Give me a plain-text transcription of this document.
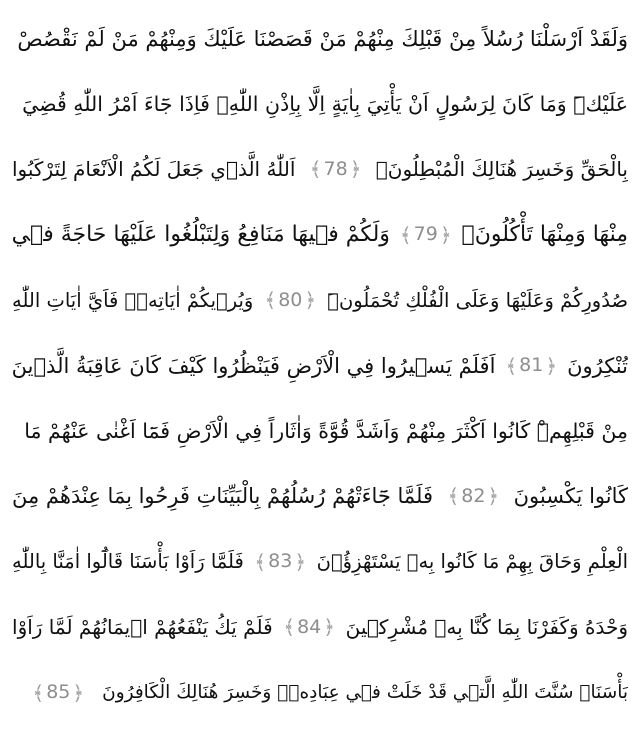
وَلَقَدْ اَرْسَلْنَا رُسُلاً مِنْ قَبْلِكَ مِنْهُمْ مَنْ قَصَصْنَا عَلَيْكَ وَمِنْهُمْ مَنْ لَمْ نَقْصُصْ
عَلَيْكَۜ وَمَا كَانَ لِرَسُولٍ اَنْ يَأْتِيَ بِاٰيَةٍ اِلَّا بِاِذْنِ اللّٰهِۚ فَاِذَا جَٓاءَ اَمْرُ اللّٰهِ قُضِيَ
بِالْحَقِّ وَخَسِرَ هُنَالِكَ الْمُبْطِلُونَ۟
﴾ 78 ﴿
اَللّٰهُ الَّذ۪ي جَعَلَ لَكُمُ الْاَنْعَامَ لِتَرْكَبُوا
مِنْهَا وَمِنْهَا تَأْكُلُونَۚ
﴾ 79 ﴿
وَلَكُمْ ف۪يهَا مَنَافِعُ وَلِتَبْلُغُوا عَلَيْهَا حَاجَةً ف۪ي
صُدُورِكُمْ وَعَلَيْهَا وَعَلَى الْفُلْكِ تُحْمَلُونَۜ
﴾ 80 ﴿
وَيُر۪يكُمْ اٰيَاتِه۪ۗ فَاَيَّ اٰيَاتِ اللّٰهِ
تُنْكِرُونَ
﴾ 81 ﴿
اَفَلَمْ يَس۪يرُوا فِي الْاَرْضِ فَيَنْظُرُوا كَيْفَ كَانَ عَاقِبَةُ الَّذ۪ينَ
مِنْ قَبْلِهِمْۜ كَانُوا اَكْثَرَ مِنْهُمْ وَاَشَدَّ قُوَّةً وَاٰثَاراً فِي الْاَرْضِ فَمَٓا اَغْنٰى عَنْهُمْ مَا
كَانُوا يَكْسِبُونَ
﴾ 82 ﴿
فَلَمَّا جَٓاءَتْهُمْ رُسُلُهُمْ بِالْبَيِّنَاتِ فَرِحُوا بِمَا عِنْدَهُمْ مِنَ
الْعِلْمِ وَحَاقَ بِهِمْ مَا كَانُوا بِه۪ يَسْتَهْزِؤُ۫نَ
﴾ 83 ﴿
فَلَمَّا رَاَوْا بَأْسَنَا قَالُٓوا اٰمَنَّا بِاللّٰهِ
وَحْدَهُ وَكَفَرْنَا بِمَا كُنَّا بِه۪ مُشْرِك۪ينَ
﴾ 84 ﴿
فَلَمْ يَكُ يَنْفَعُهُمْ ا۪يمَانُهُمْ لَمَّا رَاَوْا
بَأْسَنَاۜ سُنَّتَ اللّٰهِ الَّت۪ي قَدْ خَلَتْ ف۪ي عِبَادِه۪ۚ وَخَسِرَ هُنَالِكَ الْكَافِرُونَ
﴾ 85 ﴿
